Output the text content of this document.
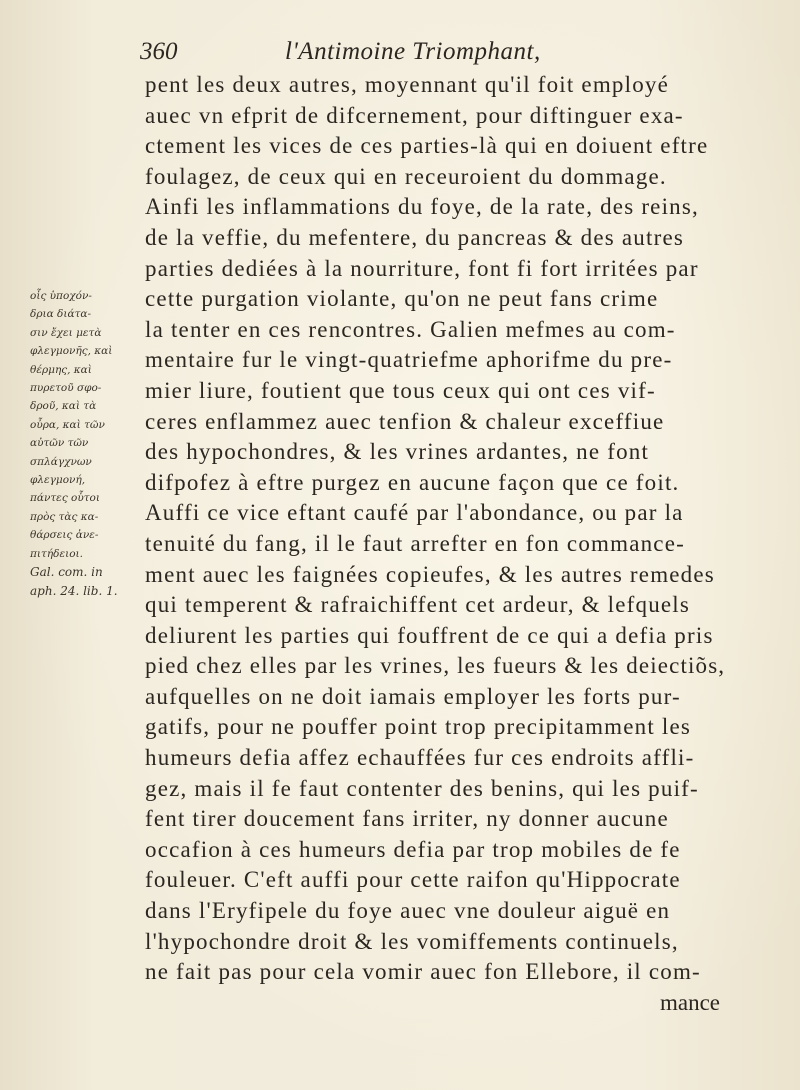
360	l'Antimoine Triomphant,
οἷς ὑποχόν-
δρια διάτα-
σιν ἔχει μετὰ
φλεγμονῆς, καὶ
θέρμης, καὶ
πυρετοῦ σφο-
δροῦ, καὶ τὰ
οὖρα, καὶ τῶν
αὐτῶν τῶν
σπλάγχνων
φλεγμονή,
πάντες οὗτοι
πρὸς τὰς κα-
θάρσεις ἀνε-
πιτήδειοι.
Gal. com. in
aph. 24. lib. 1.
pent les deux autres, moyennant qu'il foit employé
auec vn efprit de difcernement, pour diftinguer exa-
ctement les vices de ces parties-là qui en doiuent eftre
foulagez, de ceux qui en receuroient du dommage.
Ainfi les inflammations du foye, de la rate, des reins,
de la veffie, du mefentere, du pancreas & des autres
parties dediées à la nourriture, font fi fort irritées par
cette purgation violante, qu'on ne peut fans crime
la tenter en ces rencontres. Galien mefmes au com-
mentaire fur le vingt-quatriefme aphorifme du pre-
mier liure, foutient que tous ceux qui ont ces vif-
ceres enflammez auec tenfion & chaleur exceffiue
des hypochondres, & les vrines ardantes, ne font
difpofez à eftre purgez en aucune façon que ce foit.
Auffi ce vice eftant caufé par l'abondance, ou par la
tenuité du fang, il le faut arrefter en fon commance-
ment auec les faignées copieufes, & les autres remedes
qui temperent & rafraichiffent cet ardeur, & lefquels
deliurent les parties qui fouffrent de ce qui a defia pris
pied chez elles par les vrines, les fueurs & les deiectiõs,
aufquelles on ne doit iamais employer les forts pur-
gatifs, pour ne pouffer point trop precipitamment les
humeurs defia affez echauffées fur ces endroits affli-
gez, mais il fe faut contenter des benins, qui les puif-
fent tirer doucement fans irriter, ny donner aucune
occafion à ces humeurs defia par trop mobiles de fe
fouleuer. C'eft auffi pour cette raifon qu'Hippocrate
dans l'Eryfipele du foye auec vne douleur aiguë en
l'hypochondre droit & les vomiffements continuels,
ne fait pas pour cela vomir auec fon Ellebore, il com-
mance
